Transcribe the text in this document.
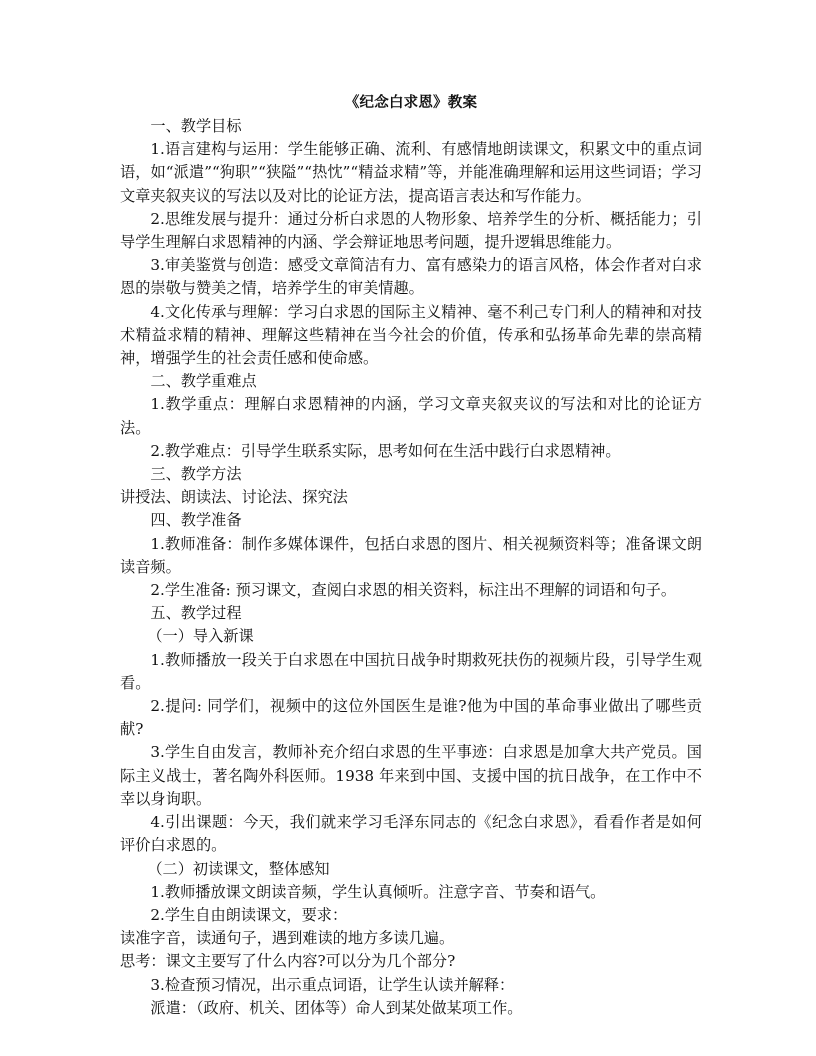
《纪念白求恩》教案

一、教学目标

1.语言建构与运用：学生能够正确、流利、有感情地朗读课文，积累文中的重点词语，如“派遣”“狗职”“狭隘”“热忱”“精益求精”等，并能准确理解和运用这些词语；学习文章夹叙夹议的写法以及对比的论证方法，提高语言表达和写作能力。

2.思维发展与提升：通过分析白求恩的人物形象、培养学生的分析、概括能力；引导学生理解白求恩精神的内涵、学会辩证地思考问题，提升逻辑思维能力。

3.审美鉴赏与创造：感受文章简洁有力、富有感染力的语言风格，体会作者对白求恩的崇敬与赞美之情，培养学生的审美情趣。

4.文化传承与理解：学习白求恩的国际主义精神、毫不利己专门利人的精神和对技术精益求精的精神、理解这些精神在当今社会的价值，传承和弘扬革命先辈的崇高精神，增强学生的社会责任感和使命感。

二、教学重难点

1.教学重点：理解白求恩精神的内涵，学习文章夹叙夹议的写法和对比的论证方法。

2.教学难点：引导学生联系实际，思考如何在生活中践行白求恩精神。

三、教学方法

讲授法、朗读法、讨论法、探究法

四、教学准备

1.教师准备：制作多媒体课件，包括白求恩的图片、相关视频资料等；准备课文朗读音频。

2.学生准备: 预习课文，查阅白求恩的相关资料，标注出不理解的词语和句子。

五、教学过程

（一）导入新课

1.教师播放一段关于白求恩在中国抗日战争时期救死扶伤的视频片段，引导学生观看。

2.提问: 同学们，视频中的这位外国医生是谁?他为中国的革命事业做出了哪些贡献?

3.学生自由发言，教师补充介绍白求恩的生平事迹：白求恩是加拿大共产党员。国际主义战士，著名陶外科医师。1938 年来到中国、支援中国的抗日战争，在工作中不幸以身询职。

4.引出课题：今天，我们就来学习毛泽东同志的《纪念白求恩》，看看作者是如何评价白求恩的。

（二）初读课文，整体感知

1.教师播放课文朗读音频，学生认真倾听。注意字音、节奏和语气。

2.学生自由朗读课文，要求：

读准字音，读通句子，遇到难读的地方多读几遍。

思考：课文主要写了什么内容?可以分为几个部分?

3.检查预习情况，出示重点词语，让学生认读并解释：

派遣：（政府、机关、团体等）命人到某处做某项工作。
